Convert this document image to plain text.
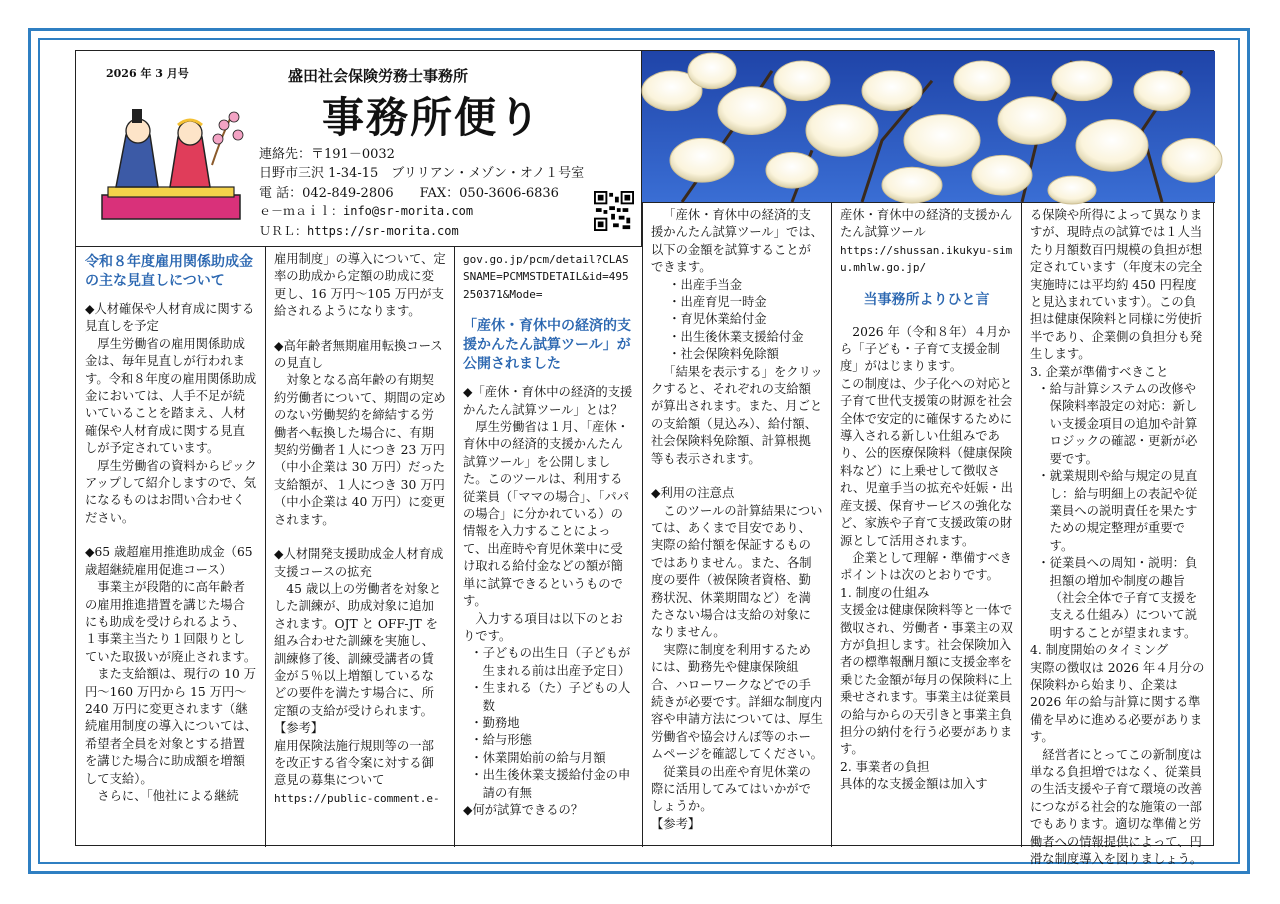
2026 年 3 月号	盛田社会保険労務士事務所
事務所便り
連絡先：〒191－0032
日野市三沢 1-34-15　ブリリアン・メゾン・オノ１号室
電 話：042-849-2806　　FAX：050-3606-6836
ｅ－ｍａｉｌ：info@sr-morita.com
ＵＲＬ：https://sr-morita.com

令和８年度雇用関係助成金の主な見直しについて

◆人材確保や人材育成に関する見直しを予定

厚生労働省の雇用関係助成金は、毎年見直しが行われます。令和８年度の雇用関係助成金においては、人手不足が続いていることを踏まえ、人材確保や人材育成に関する見直しが予定されています。

厚生労働省の資料からピックアップして紹介しますので、気になるものはお問い合わせください。

◆65 歳超雇用推進助成金（65 歳超継続雇用促進コース）

事業主が段階的に高年齢者の雇用推進措置を講じた場合にも助成を受けられるよう、１事業主当たり１回限りとしていた取扱いが廃止されます。

また支給額は、現行の 10 万円～160 万円から 15 万円～240 万円に変更されます（継続雇用制度の導入については、希望者全員を対象とする措置を講じた場合に助成額を増額して支給）。

さらに、「他社による継続

雇用制度」の導入について、定率の助成から定額の助成に変更し、16 万円～105 万円が支給されるようになります。

◆高年齢者無期雇用転換コースの見直し

対象となる高年齢の有期契約労働者について、期間の定めのない労働契約を締結する労働者へ転換した場合に、有期契約労働者１人につき 23 万円（中小企業は 30 万円）だった支給額が、１人につき 30 万円（中小企業は 40 万円）に変更されます。

◆人材開発支援助成金人材育成支援コースの拡充

45 歳以上の労働者を対象とした訓練が、助成対象に追加されます。OJT と OFF-JT を組み合わせた訓練を実施し、訓練修了後、訓練受講者の賃金が５％以上増額しているなどの要件を満たす場合に、所定額の支給が受けられます。

【参考】

雇用保険法施行規則等の一部を改正する省令案に対する御意見の募集について

https://public-comment.e-

gov.go.jp/pcm/detail?CLASSNAME=PCMMSTDETAIL&id=495250371&Mode=

「産休・育休中の経済的支援かんたん試算ツール」が公開されました

◆「産休・育休中の経済的支援かんたん試算ツール」とは？

厚生労働省は１月、「産休・育休中の経済的支援かんたん試算ツール」を公開しました。このツールは、利用する従業員（「ママの場合」、「パパの場合」に分かれている）の情報を入力することによって、出産時や育児休業中に受け取れる給付金などの額が簡単に試算できるというものです。

入力する項目は以下のとおりです。

・子どもの出生日（子どもが生まれる前は出産予定日）

・生まれる（た）子どもの人数

・勤務地

・給与形態

・休業開始前の給与月額

・出生後休業支援給付金の申請の有無

◆何が試算できるの？

「産休・育休中の経済的支援かんたん試算ツール」では、以下の金額を試算することができます。

・出産手当金

・出産育児一時金

・育児休業給付金

・出生後休業支援給付金

・社会保険料免除額

「結果を表示する」をクリックすると、それぞれの支給額が算出されます。また、月ごとの支給額（見込み）、給付額、社会保険料免除額、計算根拠等も表示されます。

◆利用の注意点

このツールの計算結果については、あくまで目安であり、実際の給付額を保証するものではありません。また、各制度の要件（被保険者資格、勤務状況、休業期間など）を満たさない場合は支給の対象になりません。

実際に制度を利用するためには、勤務先や健康保険組合、ハローワークなどでの手続きが必要です。詳細な制度内容や申請方法については、厚生労働省や協会けんぽ等のホームページを確認してください。

従業員の出産や育児休業の際に活用してみてはいかがでしょうか。

【参考】

産休・育休中の経済的支援かんたん試算ツール

https://shussan.ikukyu-simu.mhlw.go.jp/

当事務所よりひと言

2026 年（令和８年）４月から「子ども・子育て支援金制度」がはじまります。

この制度は、少子化への対応と子育て世代支援策の財源を社会全体で安定的に確保するために導入される新しい仕組みであり、公的医療保険料（健康保険料など）に上乗せして徴収され、児童手当の拡充や妊娠・出産支援、保育サービスの強化など、家族や子育て支援政策の財源として活用されます。

企業として理解・準備すべきポイントは次のとおりです。

1. 制度の仕組み

支援金は健康保険料等と一体で徴収され、労働者・事業主の双方が負担します。社会保険加入者の標準報酬月額に支援金率を乗じた金額が毎月の保険料に上乗せされます。事業主は従業員の給与からの天引きと事業主負担分の納付を行う必要があります。

2. 事業者の負担

具体的な支援金額は加入す

る保険や所得によって異なりますが、現時点の試算では１人当たり月額数百円規模の負担が想定されています（年度末の完全実施時には平均約 450 円程度と見込まれています）。この負担は健康保険料と同様に労使折半であり、企業側の負担分も発生します。

3. 企業が準備すべきこと

・給与計算システムの改修や保険料率設定の対応：新しい支援金項目の追加や計算ロジックの確認・更新が必要です。

・就業規則や給与規定の見直し：給与明細上の表記や従業員への説明責任を果たすための規定整理が重要です。

・従業員への周知・説明：負担額の増加や制度の趣旨（社会全体で子育て支援を支える仕組み）について説明することが望まれます。

4. 制度開始のタイミング

実際の徴収は 2026 年４月分の保険料から始まり、企業は 2026 年の給与計算に関する準備を早めに進める必要があります。

経営者にとってこの新制度は単なる負担増ではなく、従業員の生活支援や子育て環境の改善につながる社会的な施策の一部でもあります。適切な準備と労働者への情報提供によって、円滑な制度導入を図りましょう。
